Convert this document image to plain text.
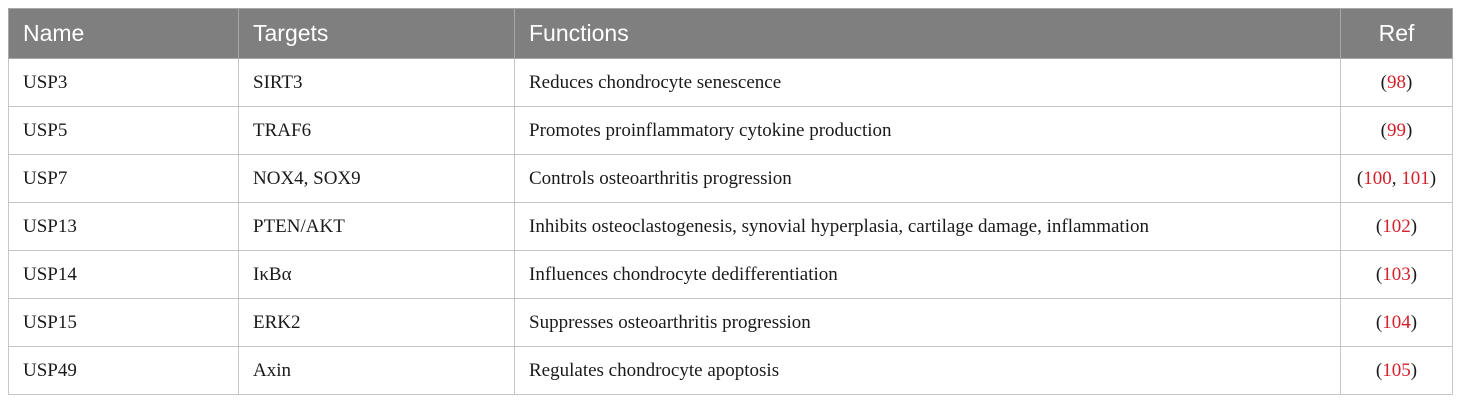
Name	Targets	Functions	Ref
USP3	SIRT3	Reduces chondrocyte senescence	(98)
USP5	TRAF6	Promotes proinflammatory cytokine production	(99)
USP7	NOX4, SOX9	Controls osteoarthritis progression	(100, 101)
USP13	PTEN/AKT	Inhibits osteoclastogenesis, synovial hyperplasia, cartilage damage, inflammation	(102)
USP14	IκBα	Influences chondrocyte dedifferentiation	(103)
USP15	ERK2	Suppresses osteoarthritis progression	(104)
USP49	Axin	Regulates chondrocyte apoptosis	(105)
